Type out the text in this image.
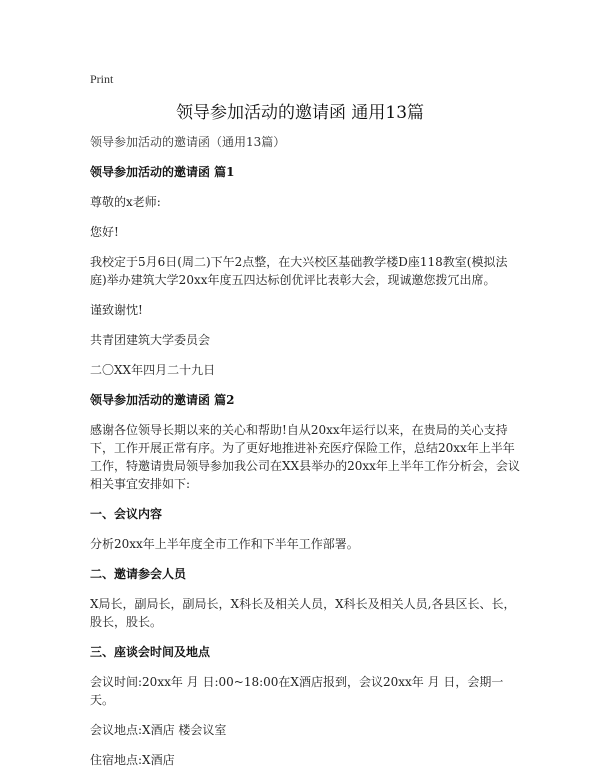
Print
领导参加活动的邀请函 通用13篇

领导参加活动的邀请函（通用13篇）

领导参加活动的邀请函 篇1

尊敬的x老师:

您好!

我校定于5月6日(周二)下午2点整，在大兴校区基础教学楼D座118教室(模拟法庭)举办建筑大学20xx年度五四达标创优评比表彰大会，现诚邀您拨冗出席。

谨致谢忱!

共青团建筑大学委员会

二〇XX年四月二十九日

领导参加活动的邀请函 篇2

感谢各位领导长期以来的关心和帮助!自从20xx年运行以来，在贵局的关心支持下，工作开展正常有序。为了更好地推进补充医疗保险工作，总结20xx年上半年工作，特邀请贵局领导参加我公司在XX县举办的20xx年上半年工作分析会，会议相关事宜安排如下:

一、会议内容

分析20xx年上半年度全市工作和下半年工作部署。

二、邀请参会人员

X局长，副局长，副局长，X科长及相关人员，X科长及相关人员,各县区长、长，股长，股长。

三、座谈会时间及地点

会议时间:20xx年 月 日:00~18:00在X酒店报到，会议20xx年 月 日，会期一天。

会议地点:X酒店 楼会议室

住宿地点:X酒店
